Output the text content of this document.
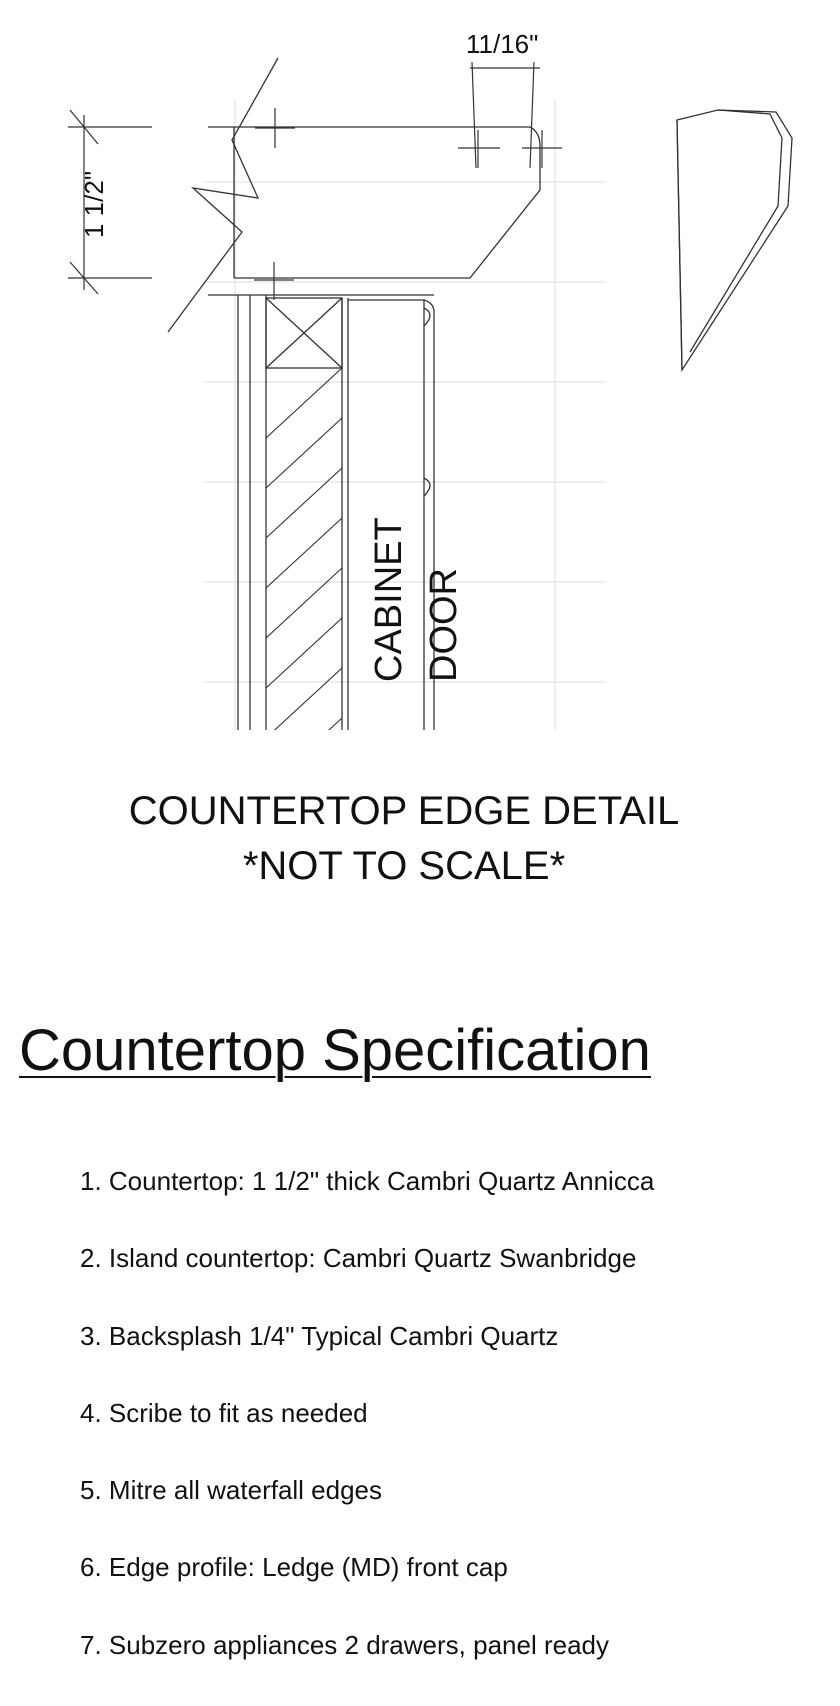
11/16"
1 1/2"
CABINET DOOR
COUNTERTOP EDGE DETAIL
*NOT TO SCALE*
Countertop Specification
1. Countertop: 1 1/2" thick Cambri Quartz Annicca
2. Island countertop: Cambri Quartz Swanbridge
3. Backsplash 1/4" Typical Cambri Quartz
4. Scribe to fit as needed
5. Mitre all waterfall edges
6. Edge profile: Ledge (MD) front cap
7. Subzero appliances 2 drawers, panel ready
